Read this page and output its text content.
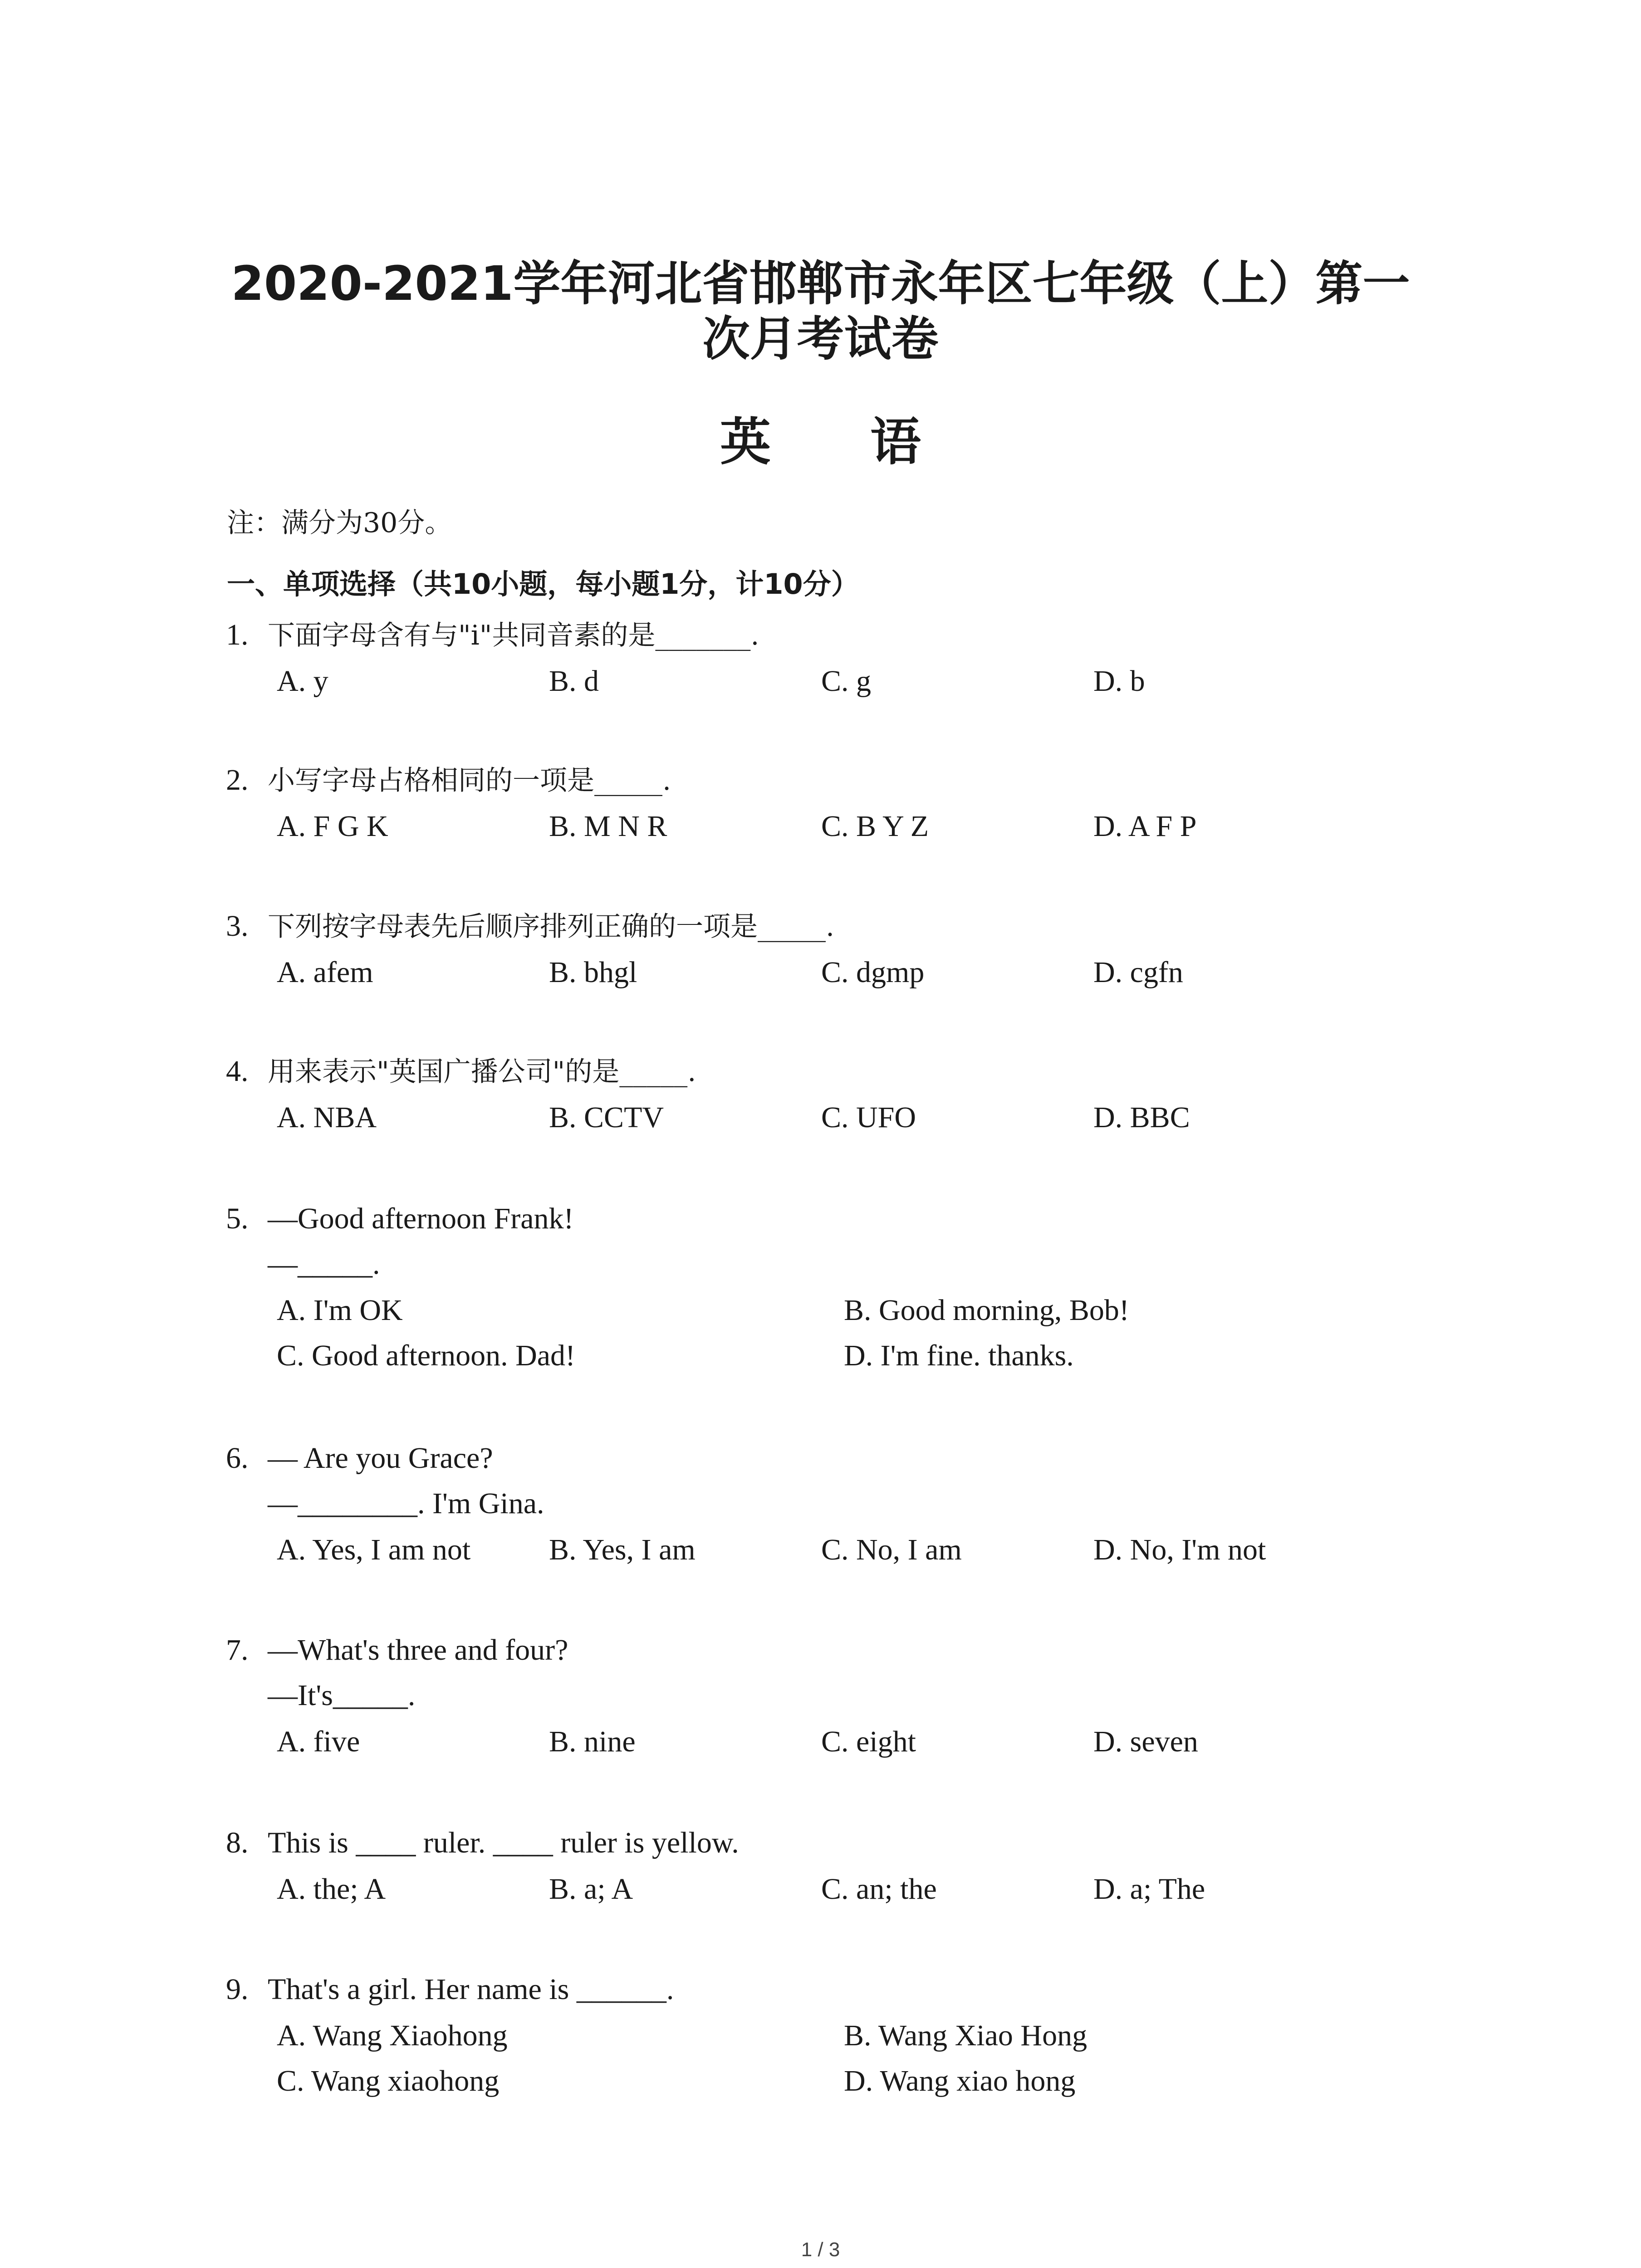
2020-2021学年河北省邯郸市永年区七年级（上）第一
次月考试卷
英 语
注：满分为30分。
一、单项选择（共10小题，每小题1分，计10分）
1. 下面字母含有与"i"共同音素的是_______.
A. y	B. d	C. g	D. b
2. 小写字母占格相同的一项是_____.
A. F G K	B. M N R	C. B Y Z	D. A F P
3. 下列按字母表先后顺序排列正确的一项是_____.
A. afem	B. bhgl	C. dgmp	D. cgfn
4. 用来表示"英国广播公司"的是_____.
A. NBA	B. CCTV	C. UFO	D. BBC
5. —Good afternoon Frank!
—_____.
A. I'm OK	B. Good morning, Bob!
C. Good afternoon. Dad!	D. I'm fine. thanks.
6. — Are you Grace?
—________. I'm Gina.
A. Yes, I am not	B. Yes, I am	C. No, I am	D. No, I'm not
7. —What's three and four?
—It's_____.
A. five	B. nine	C. eight	D. seven
8. This is ____ ruler. ____ ruler is yellow.
A. the; A	B. a; A	C. an; the	D. a; The
9. That's a girl. Her name is ______.
A. Wang Xiaohong	B. Wang Xiao Hong
C. Wang xiaohong	D. Wang xiao hong
1 / 3
